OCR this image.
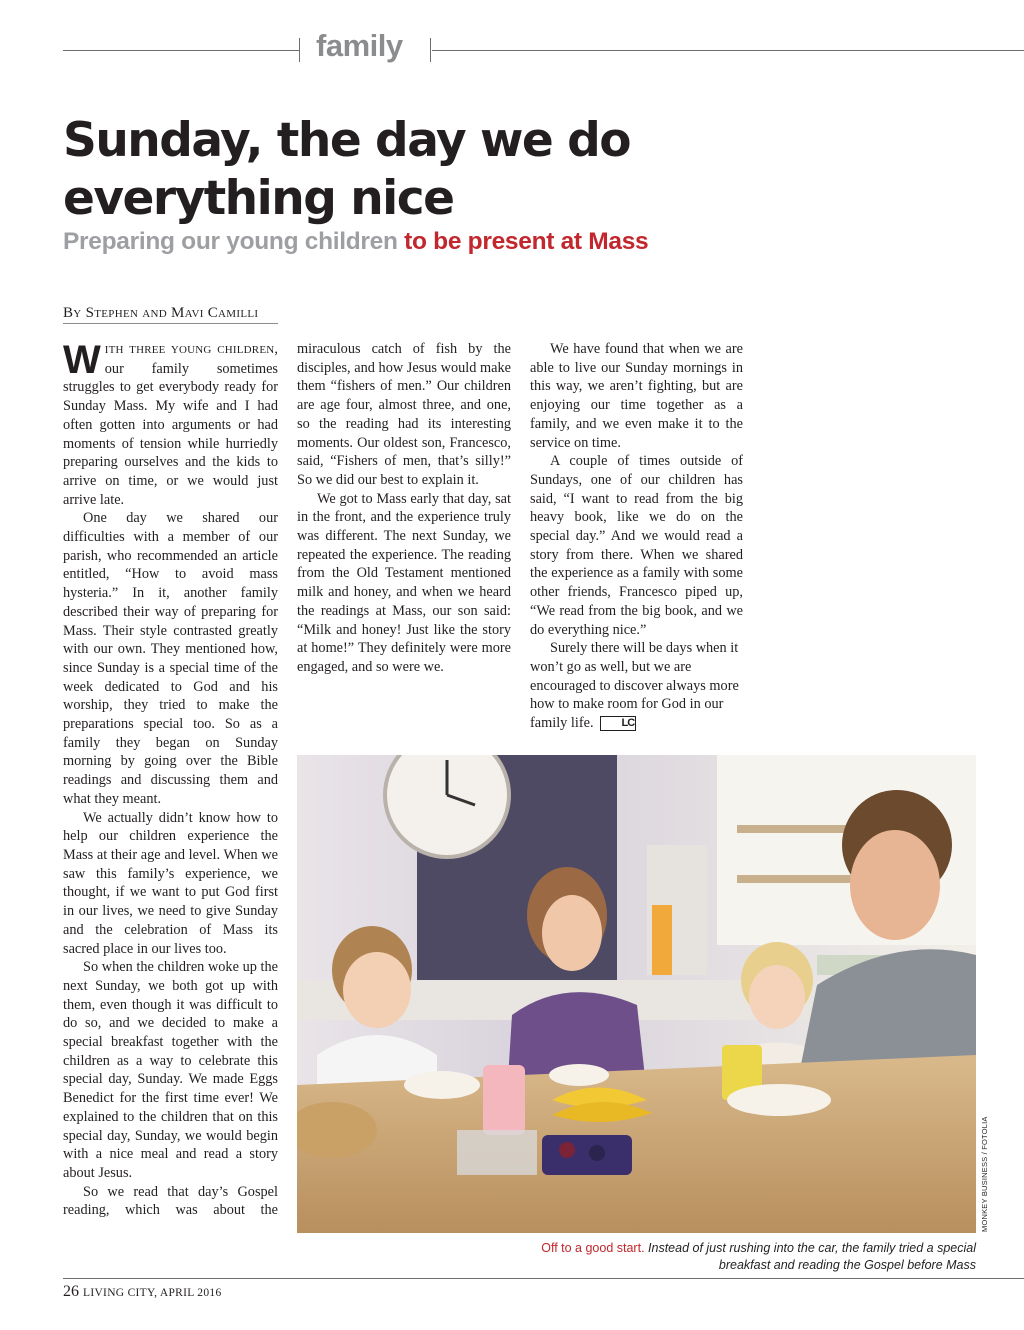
family
Sunday, the day we do everything nice
Preparing our young children to be present at Mass
By Stephen and Mavi Camilli

WITH THREE YOUNG CHILDREN, our family sometimes struggles to get everybody ready for Sunday Mass. My wife and I had often gotten into arguments or had moments of tension while hurriedly preparing ourselves and the kids to arrive on time, or we would just arrive late.

One day we shared our difficulties with a member of our parish, who recommended an article entitled, “How to avoid mass hysteria.” In it, another family described their way of preparing for Mass. Their style contrasted greatly with our own. They mentioned how, since Sunday is a special time of the week dedicated to God and his worship, they tried to make the preparations special too. So as a family they began on Sunday morning by going over the Bible readings and discussing them and what they meant.

We actually didn’t know how to help our children experience the Mass at their age and level. When we saw this family’s experience, we thought, if we want to put God first in our lives, we need to give Sunday and the celebration of Mass its sacred place in our lives too.

So when the children woke up the next Sunday, we both got up with them, even though it was difficult to do so, and we decided to make a special breakfast together with the children as a way to celebrate this special day, Sunday. We made Eggs Benedict for the first time ever! We explained to the children that on this special day, Sunday, we would begin with a nice meal and read a story about Jesus.

So we read that day’s Gospel reading, which was about the

miraculous catch of fish by the disciples, and how Jesus would make them “fishers of men.” Our children are age four, almost three, and one, so the reading had its interesting moments. Our oldest son, Francesco, said, “Fishers of men, that’s silly!” So we did our best to explain it.

We got to Mass early that day, sat in the front, and the experience truly was different. The next Sunday, we repeated the experience. The reading from the Old Testament mentioned milk and honey, and when we heard the readings at Mass, our son said: “Milk and honey! Just like the story at home!” They definitely were more engaged, and so were we.

We have found that when we are able to live our Sunday mornings in this way, we aren’t fighting, but are enjoying our time together as a family, and we even make it to the service on time.

A couple of times outside of Sundays, one of our children has said, “I want to read from the big heavy book, like we do on the special day.” And we would read a story from there. When we shared the experience as a family with some other friends, Francesco piped up, “We read from the big book, and we do everything nice.”

Surely there will be days when it won’t go as well, but we are encouraged to discover always more how to make room for God in our family life.	LC

MONKEY BUSINESS / FOTOLIA
Off to a good start. Instead of just rushing into the car, the family tried a special breakfast and reading the Gospel before Mass
26 LIVING CITY, APRIL 2016
